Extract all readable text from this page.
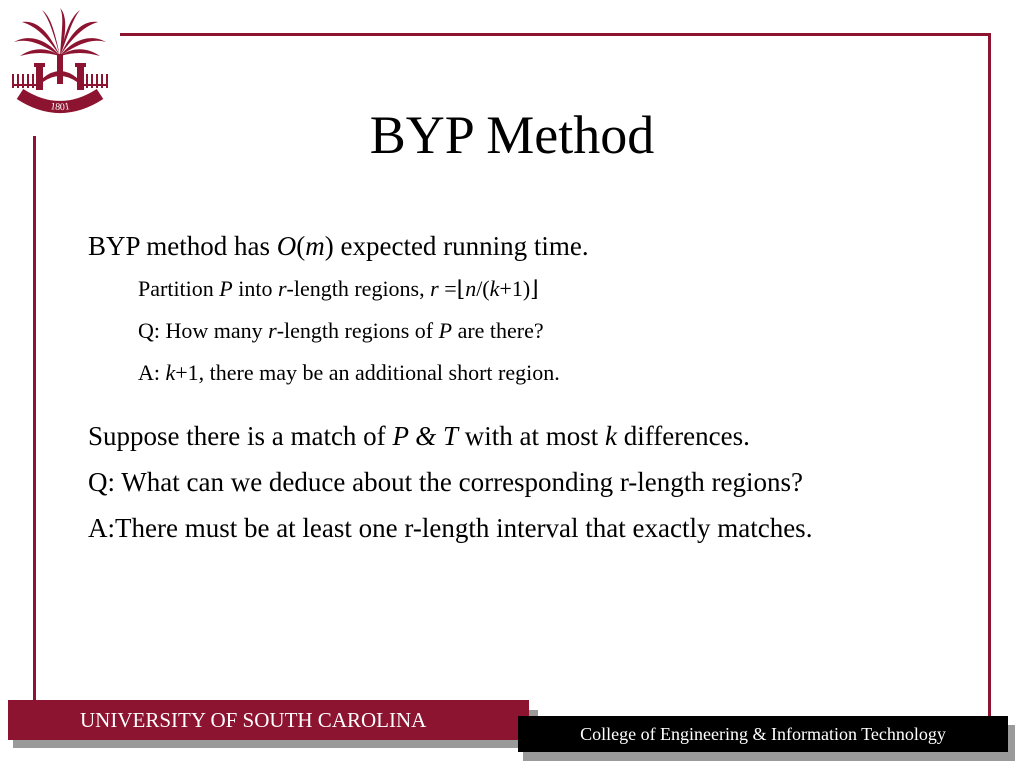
1801	BYP Method

BYP method has O(m) expected running time.

Partition P into r-length regions, r =⌊n/(k+1)⌋

Q: How many r-length regions of P are there?

A: k+1, there may be an additional short region.

Suppose there is a match of P & T with at most k differences.

Q: What can we deduce about the corresponding r-length regions?

A:There must be at least one r-length interval that exactly matches.

UNIVERSITY OF SOUTH CAROLINA
College of Engineering & Information Technology
